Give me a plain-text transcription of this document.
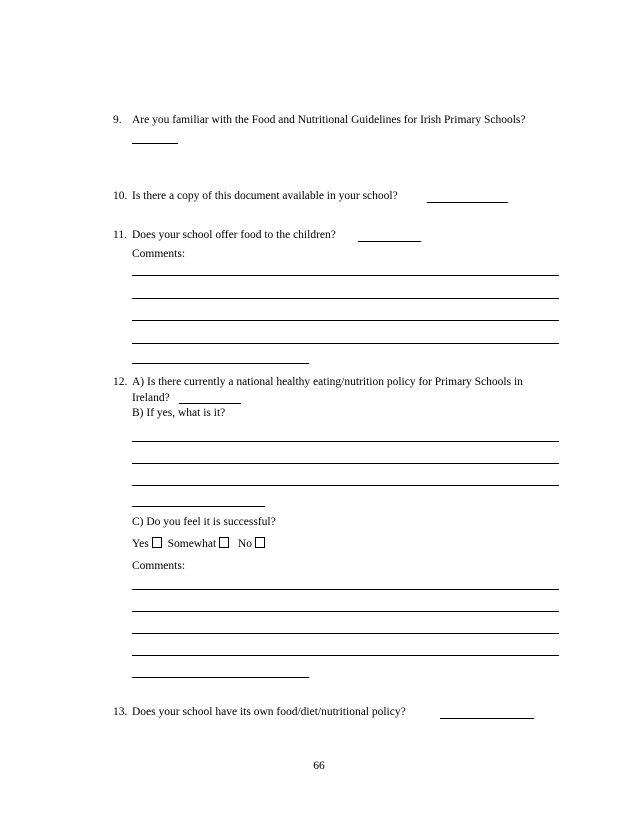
9. Are you familiar with the Food and Nutritional Guidelines for Irish Primary Schools?
10. Is there a copy of this document available in your school?
11. Does your school offer food to the children?
Comments:
12. A) Is there currently a national healthy eating/nutrition policy for Primary Schools in
Ireland?
B) If yes, what is it?
C) Do you feel it is successful?
Yes Somewhat No
Comments:
13. Does your school have its own food/diet/nutritional policy?
66
